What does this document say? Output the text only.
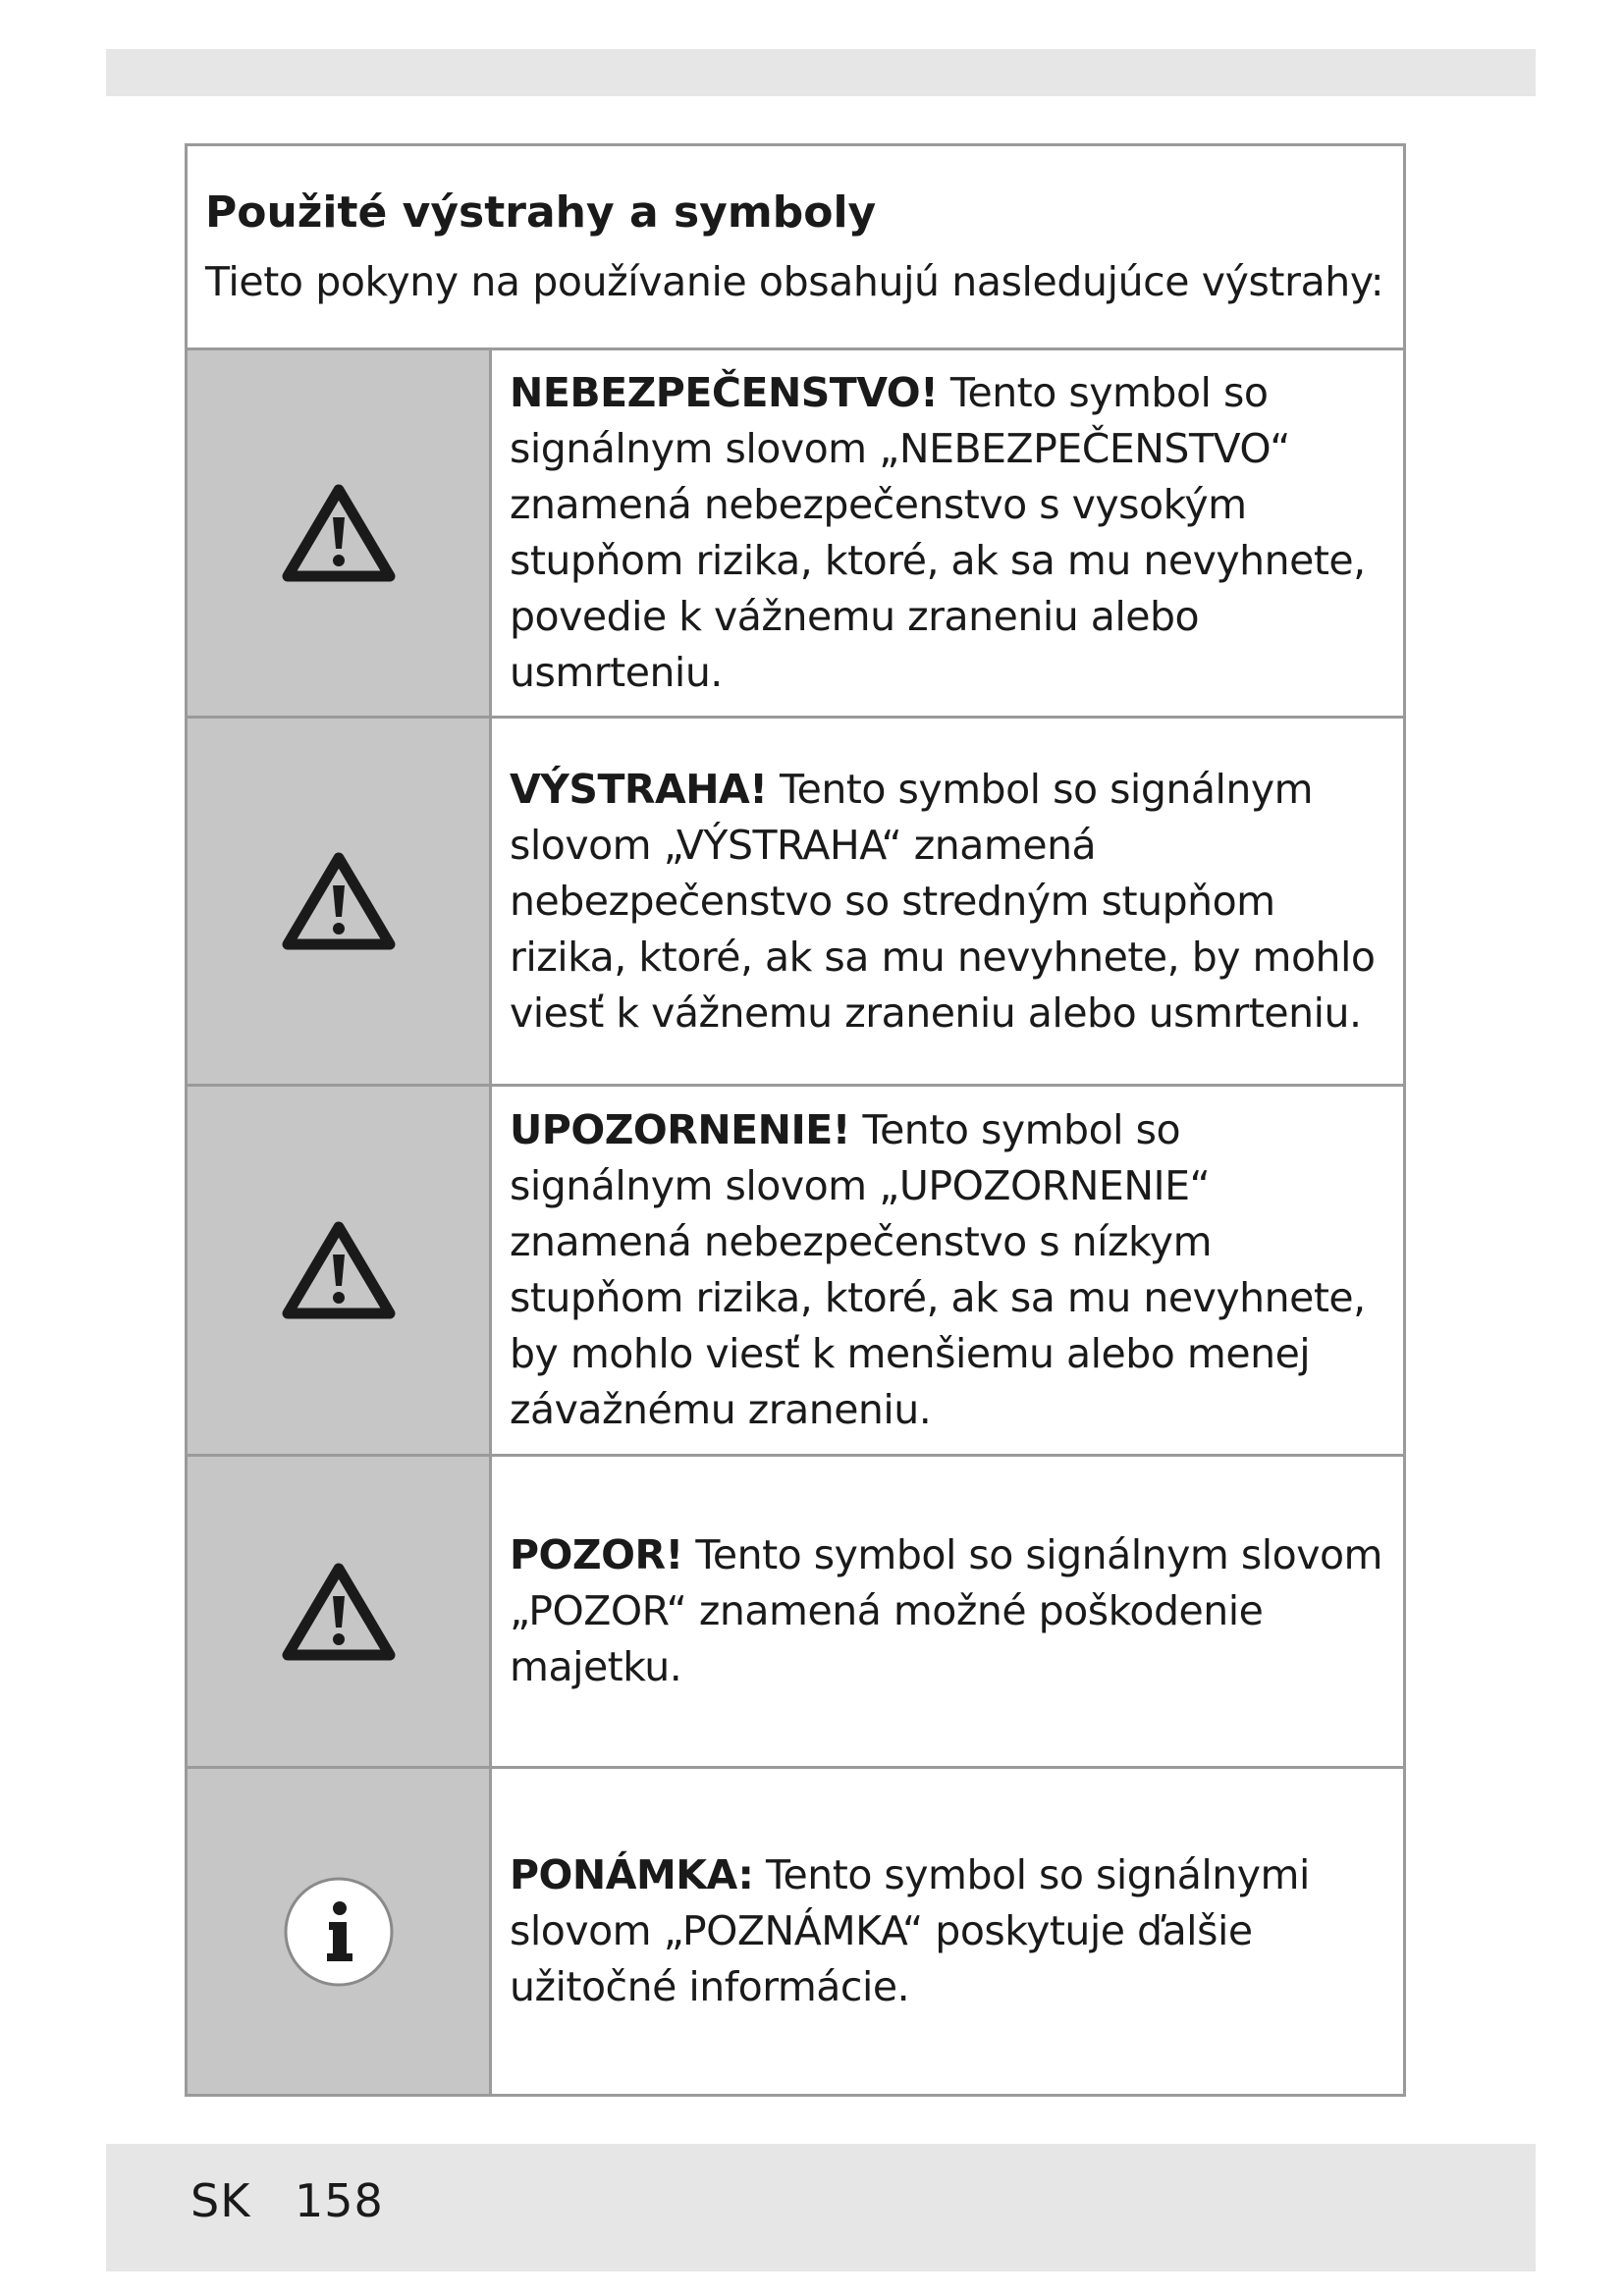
Použité výstrahy a symboly
Tieto pokyny na používanie obsahujú nasledujúce výstrahy:

NEBEZPEČENSTVO! Tento symbol so signálnym slovom „NEBEZPEČENSTVO“ znamená nebezpečenstvo s vysokým stupňom rizika, ktoré, ak sa mu nevyhnete, povedie k vážnemu zraneniu alebo usmrteniu.

VÝSTRAHA! Tento symbol so signálnym slovom „VÝSTRAHA“ znamená nebezpečenstvo so stredným stupňom rizika, ktoré, ak sa mu nevyhnete, by mohlo viesť k vážnemu zraneniu alebo usmrteniu.

UPOZORNENIE! Tento symbol so signálnym slovom „UPOZORNENIE“ znamená nebezpečenstvo s nízkym stupňom rizika, ktoré, ak sa mu nevyhnete, by mohlo viesť k menšiemu alebo menej závažnému zraneniu.

POZOR! Tento symbol so signálnym slovom „POZOR“ znamená možné poškodenie majetku.

PONÁMKA: Tento symbol so signálnymi slovom „POZNÁMKA“ poskytuje ďalšie užitočné informácie.

SK 158
